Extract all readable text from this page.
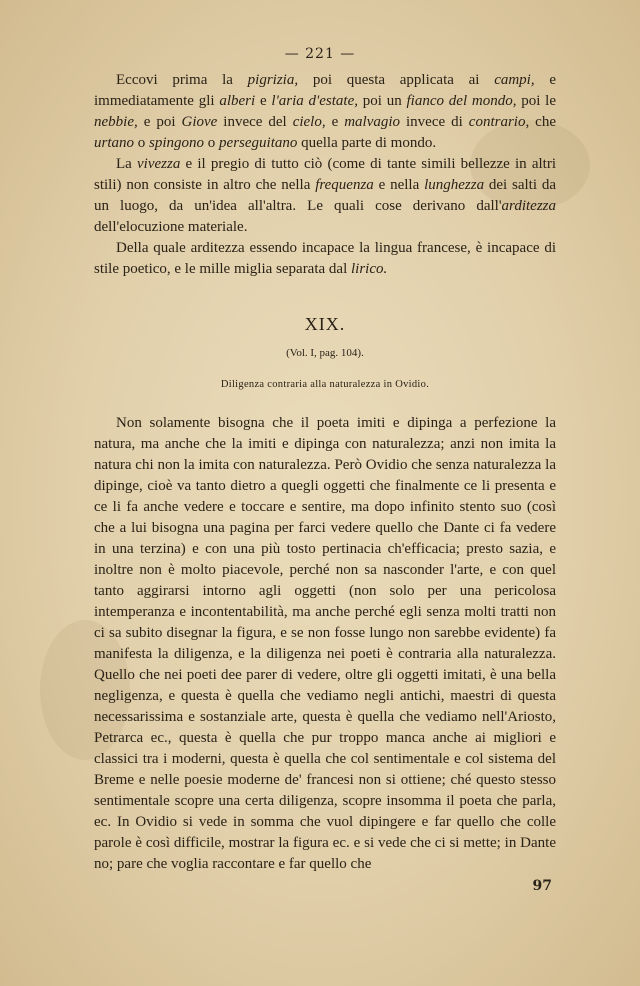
— 221 —

Eccovi prima la pigrizia, poi questa applicata ai campi, e immediatamente gli alberi e l'aria d'estate, poi un fianco del mondo, poi le nebbie, e poi Giove invece del cielo, e malvagio invece di contrario, che urtano o spingono o perseguitano quella parte di mondo.

La vivezza e il pregio di tutto ciò (come di tante simili bellezze in altri stili) non consiste in altro che nella frequenza e nella lunghezza dei salti da un luogo, da un'idea all'altra. Le quali cose derivano dall'arditezza dell'elocuzione materiale.

Della quale arditezza essendo incapace la lingua francese, è incapace di stile poetico, e le mille miglia separata dal lirico.

XIX.
(Vol. I, pag. 104).
Diligenza contraria alla naturalezza in Ovidio.

Non solamente bisogna che il poeta imiti e dipinga a perfezione la natura, ma anche che la imiti e dipinga con naturalezza; anzi non imita la natura chi non la imita con naturalezza. Però Ovidio che senza naturalezza la dipinge, cioè va tanto dietro a quegli oggetti che finalmente ce li presenta e ce li fa anche vedere e toccare e sentire, ma dopo infinito stento suo (così che a lui bisogna una pagina per farci vedere quello che Dante ci fa vedere in una terzina) e con una più tosto pertinacia ch'efficacia; presto sazia, e inoltre non è molto piacevole, perché non sa nasconder l'arte, e con quel tanto aggirarsi intorno agli oggetti (non solo per una pericolosa intemperanza e incontentabilità, ma anche perché egli senza molti tratti non ci sa subito disegnar la figura, e se non fosse lungo non sarebbe evidente) fa manifesta la diligenza, e la diligenza nei poeti è contraria alla naturalezza. Quello che nei poeti dee parer di vedere, oltre gli oggetti imitati, è una bella negligenza, e questa è quella che vediamo negli antichi, maestri di questa necessarissima e sostanziale arte, questa è quella che vediamo nell'Ariosto, Petrarca ec., questa è quella che pur troppo manca anche ai migliori e classici tra i moderni, questa è quella che col sentimentale e col sistema del Breme e nelle poesie moderne de' francesi non si ottiene; ché questo stesso sentimentale scopre una certa diligenza, scopre insomma il poeta che parla, ec. In Ovidio si vede in somma che vuol dipingere e far quello che colle parole è così difficile, mostrar la figura ec. e si vede che ci si mette; in Dante no; pare che voglia raccontare e far quello che

97
